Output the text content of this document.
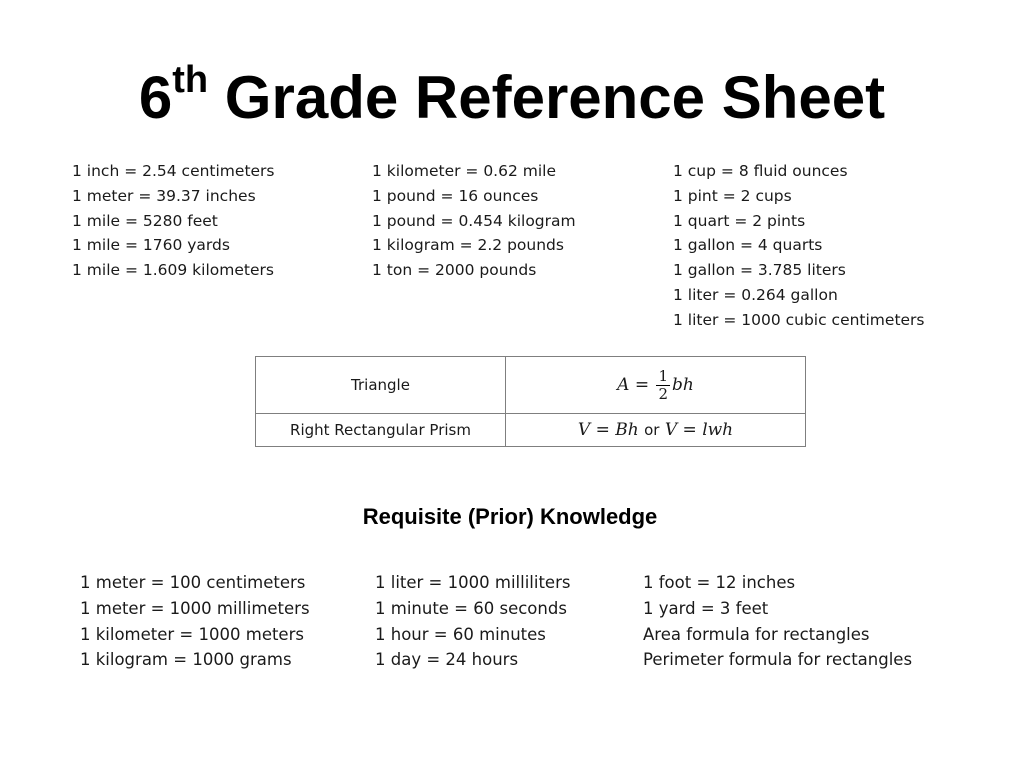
6th Grade Reference Sheet
1 inch = 2.54 centimeters
1 meter = 39.37 inches
1 mile = 5280 feet
1 mile = 1760 yards
1 mile = 1.609 kilometers
1 kilometer = 0.62 mile
1 pound = 16 ounces
1 pound = 0.454 kilogram
1 kilogram = 2.2 pounds
1 ton = 2000 pounds
1 cup = 8 fluid ounces
1 pint = 2 cups
1 quart = 2 pints
1 gallon = 4 quarts
1 gallon = 3.785 liters
1 liter = 0.264 gallon
1 liter = 1000 cubic centimeters
Triangle	$A = \frac{1}{2}$ bh
Right Rectangular Prism	V = Bh or V = lwh
Requisite (Prior) Knowledge
1 meter = 100 centimeters
1 meter = 1000 millimeters
1 kilometer = 1000 meters
1 kilogram = 1000 grams
1 liter = 1000 milliliters
1 minute = 60 seconds
1 hour = 60 minutes
1 day = 24 hours
1 foot = 12 inches
1 yard = 3 feet
Area formula for rectangles
Perimeter formula for rectangles
